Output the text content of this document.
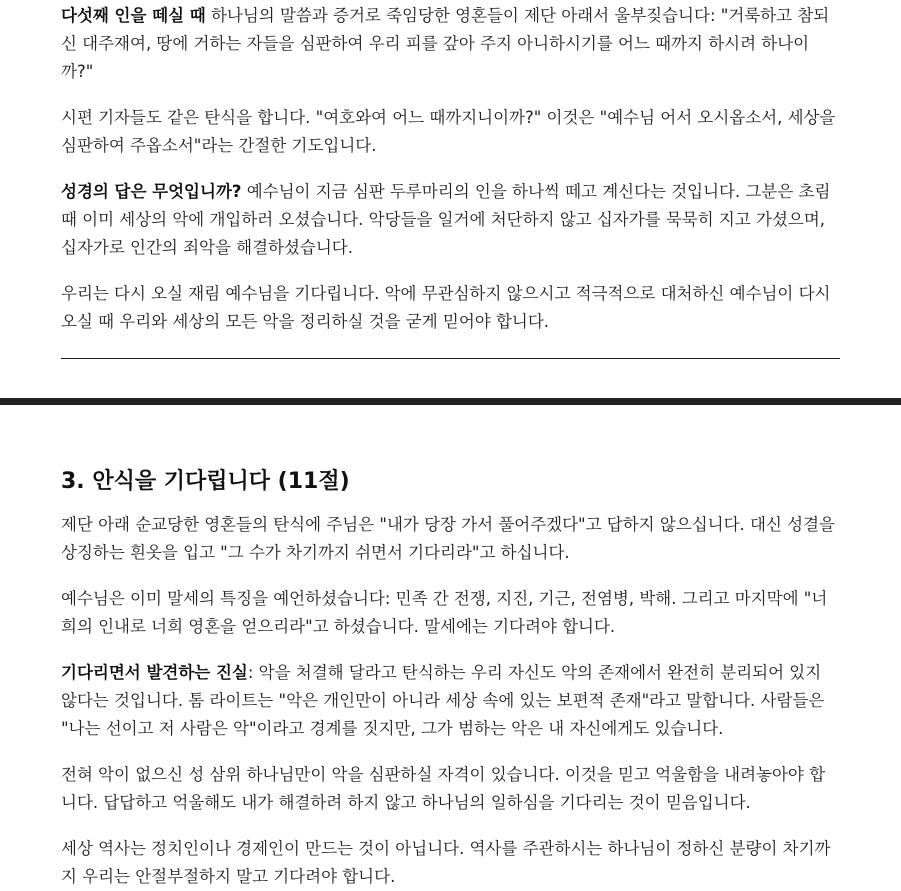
다섯째 인을 떼실 때 하나님의 말씀과 증거로 죽임당한 영혼들이 제단 아래서 울부짖습니다: "거룩하고 참되신 대주재여, 땅에 거하는 자들을 심판하여 우리 피를 갚아 주지 아니하시기를 어느 때까지 하시려 하나이까?"

시편 기자들도 같은 탄식을 합니다. "여호와여 어느 때까지니이까?" 이것은 "예수님 어서 오시옵소서, 세상을 심판하여 주옵소서"라는 간절한 기도입니다.

성경의 답은 무엇입니까? 예수님이 지금 심판 두루마리의 인을 하나씩 떼고 계신다는 것입니다. 그분은 초림 때 이미 세상의 악에 개입하러 오셨습니다. 악당들을 일거에 처단하지 않고 십자가를 묵묵히 지고 가셨으며, 십자가로 인간의 죄악을 해결하셨습니다.

우리는 다시 오실 재림 예수님을 기다립니다. 악에 무관심하지 않으시고 적극적으로 대처하신 예수님이 다시 오실 때 우리와 세상의 모든 악을 정리하실 것을 굳게 믿어야 합니다.

3. 안식을 기다립니다 (11절)

제단 아래 순교당한 영혼들의 탄식에 주님은 "내가 당장 가서 풀어주겠다"고 답하지 않으십니다. 대신 성결을 상징하는 흰옷을 입고 "그 수가 차기까지 쉬면서 기다리라"고 하십니다.

예수님은 이미 말세의 특징을 예언하셨습니다: 민족 간 전쟁, 지진, 기근, 전염병, 박해. 그리고 마지막에 "너희의 인내로 너희 영혼을 얻으리라"고 하셨습니다. 말세에는 기다려야 합니다.

기다리면서 발견하는 진실: 악을 처결해 달라고 탄식하는 우리 자신도 악의 존재에서 완전히 분리되어 있지 않다는 것입니다. 톰 라이트는 "악은 개인만이 아니라 세상 속에 있는 보편적 존재"라고 말합니다. 사람들은 "나는 선이고 저 사람은 악"이라고 경계를 짓지만, 그가 범하는 악은 내 자신에게도 있습니다.

전혀 악이 없으신 성 삼위 하나님만이 악을 심판하실 자격이 있습니다. 이것을 믿고 억울함을 내려놓아야 합니다. 답답하고 억울해도 내가 해결하려 하지 않고 하나님의 일하심을 기다리는 것이 믿음입니다.

세상 역사는 정치인이나 경제인이 만드는 것이 아닙니다. 역사를 주관하시는 하나님이 정하신 분량이 차기까지 우리는 안절부절하지 말고 기다려야 합니다.
